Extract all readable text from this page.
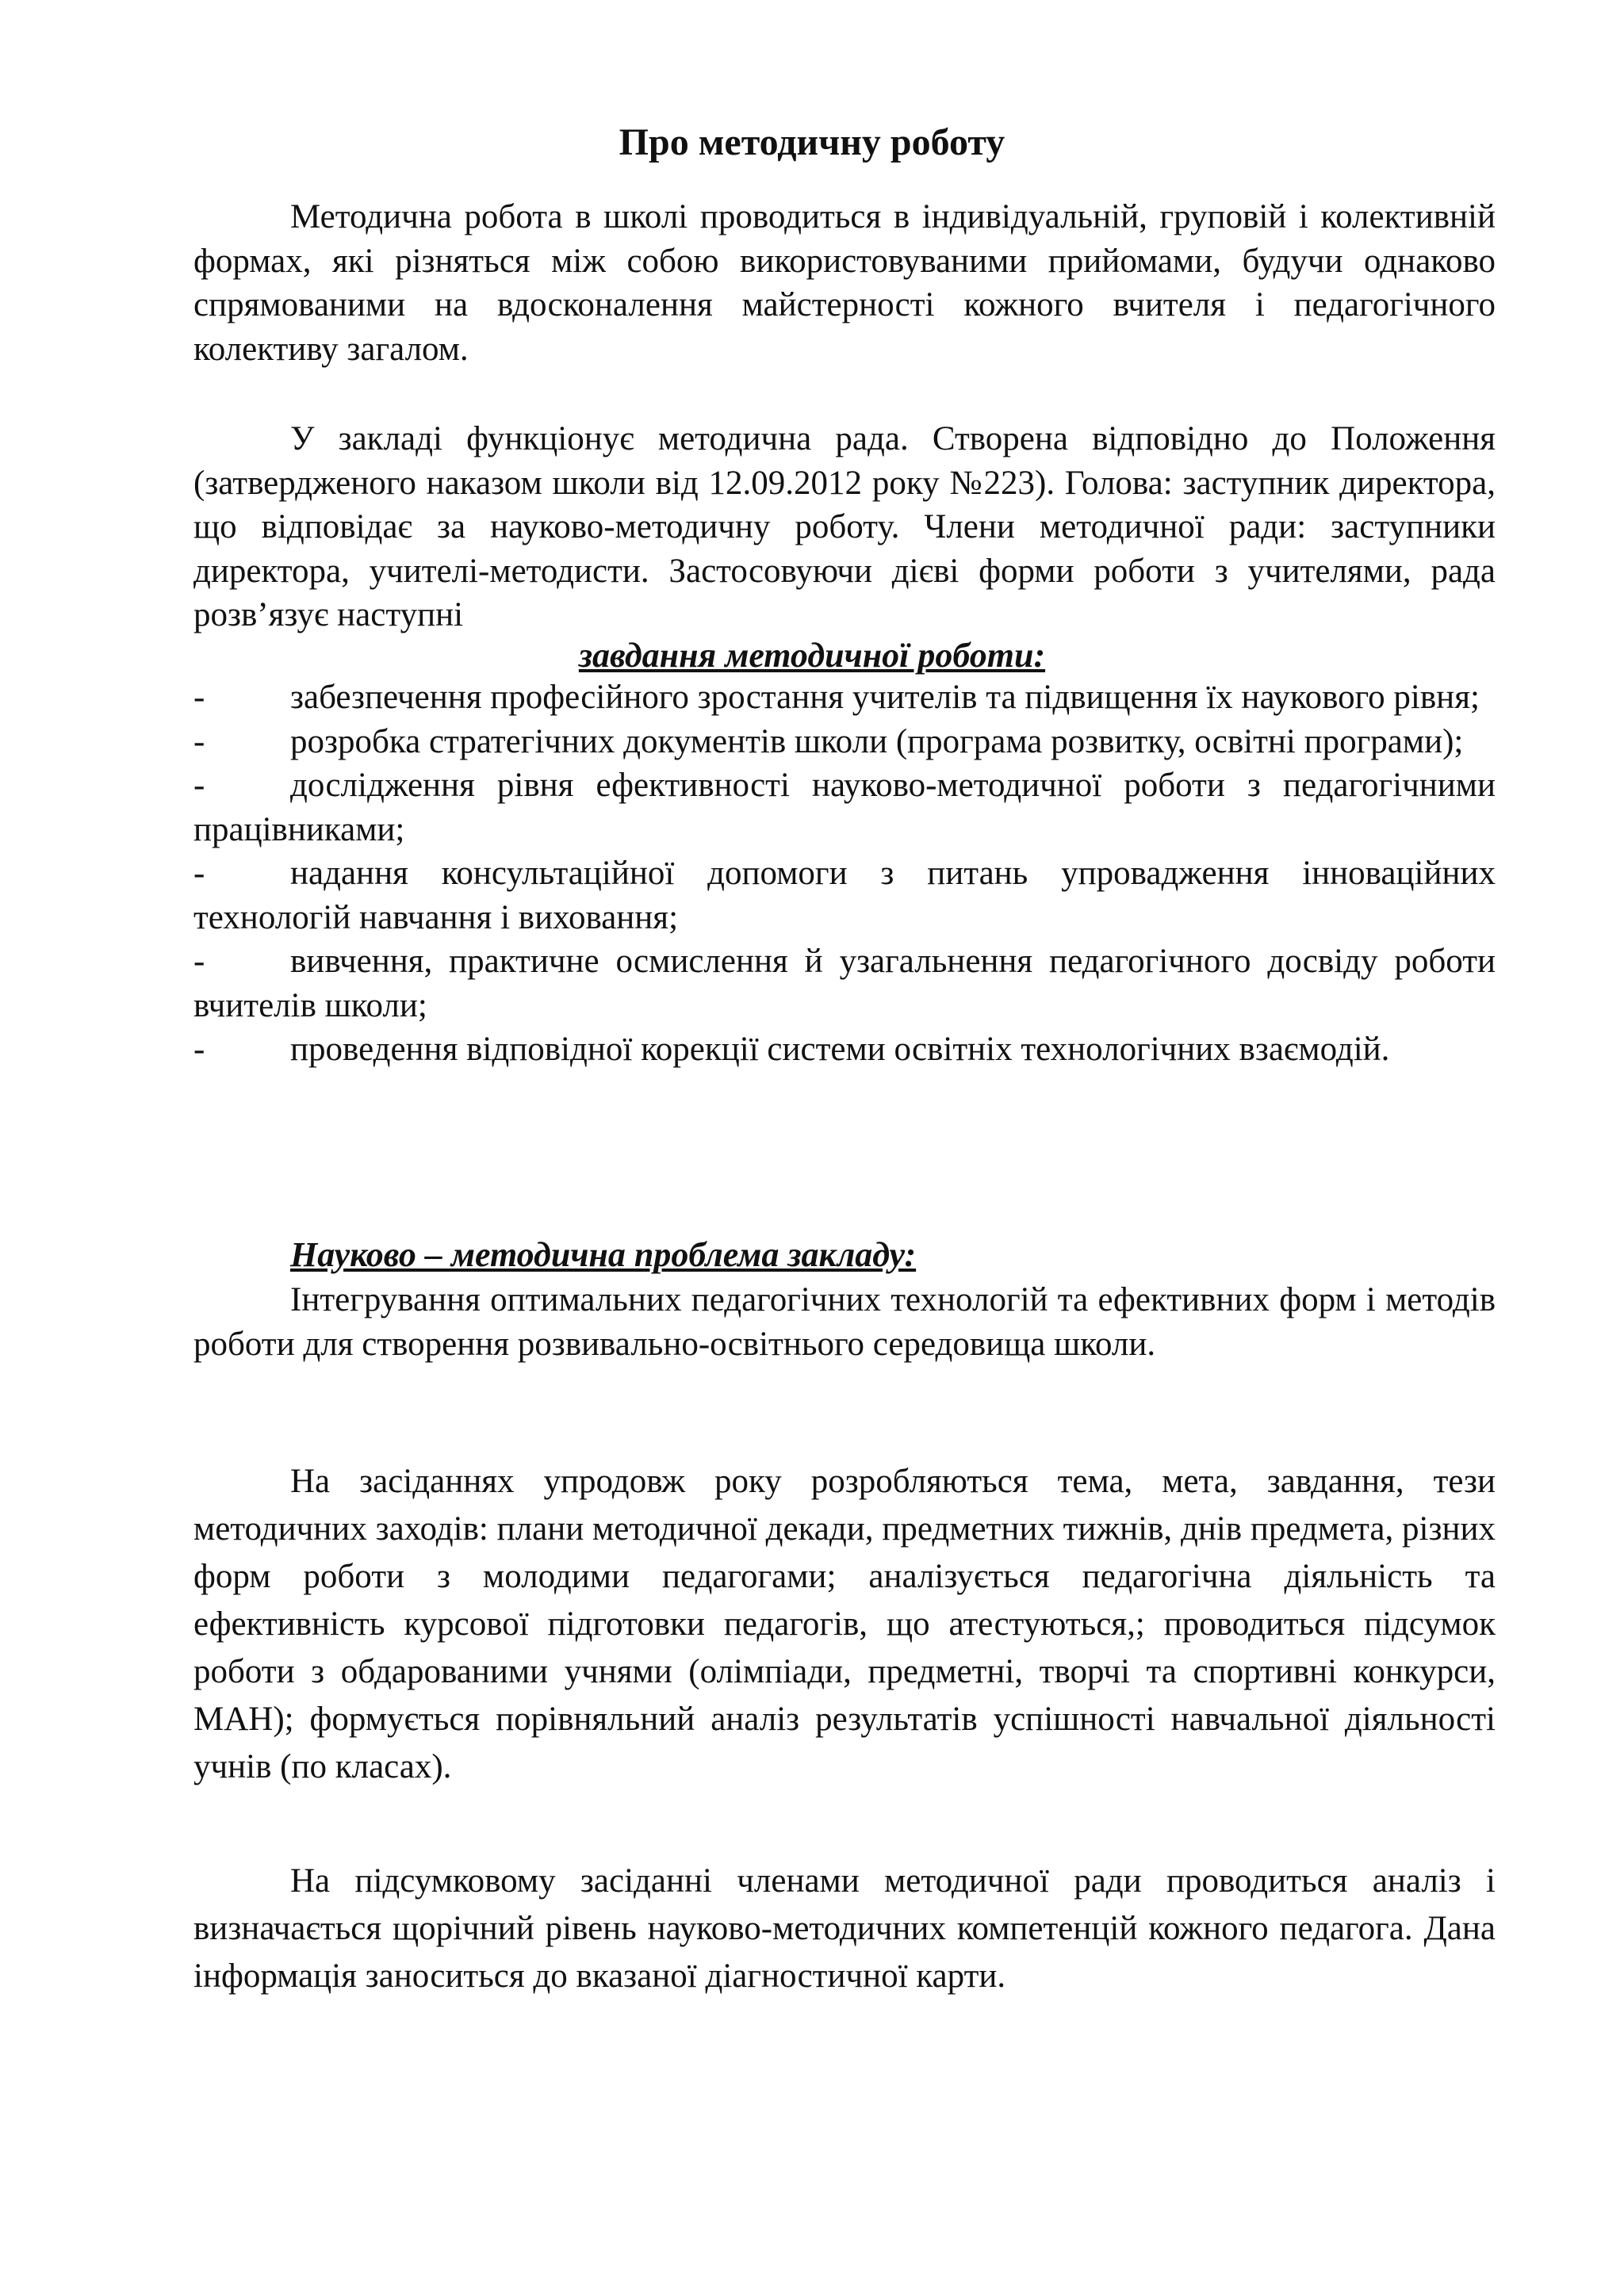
Про методичну роботу

Методична робота в школі проводиться в індивідуальній, груповій і колективній формах, які різняться між собою використовуваними прийомами, будучи однаково спрямованими на вдосконалення майстерності кожного вчителя і педагогічного колективу загалом.

У закладі функціонує методична рада. Створена відповідно до Положення (затвердженого наказом школи від 12.09.2012 року №223). Голова: заступник директора, що відповідає за науково-методичну роботу. Члени методичної ради: заступники директора, учителі-методисти. Застосовуючи дієві форми роботи з учителями, рада розв’язує наступні

завдання методичної роботи:
-	забезпечення професійного зростання учителів та підвищення їх наукового рівня;
-	розробка стратегічних документів школи (програма розвитку, освітні програми);
-	дослідження рівня ефективності науково-методичної роботи з педагогічними працівниками;
-	надання консультаційної допомоги з питань упровадження інноваційних технологій навчання і виховання;
-	вивчення, практичне осмислення й узагальнення педагогічного досвіду роботи вчителів школи;
-	проведення відповідної корекції системи освітніх технологічних взаємодій.
Науково – методична проблема закладу:

Інтегрування оптимальних педагогічних технологій та ефективних форм і методів роботи для створення розвивально-освітнього середовища школи.

На засіданнях упродовж року розробляються тема, мета, завдання, тези методичних заходів: плани методичної декади, предметних тижнів, днів предмета, різних форм роботи з молодими педагогами; аналізується педагогічна діяльність та ефективність курсової підготовки педагогів, що атестуються,; проводиться підсумок роботи з обдарованими учнями (олімпіади, предметні, творчі та спортивні конкурси, МАН); формується порівняльний аналіз результатів успішності навчальної діяльності учнів (по класах).

На підсумковому засіданні членами методичної ради проводиться аналіз і визначається щорічний рівень науково-методичних компетенцій кожного педагога. Дана інформація заноситься до вказаної діагностичної карти.
